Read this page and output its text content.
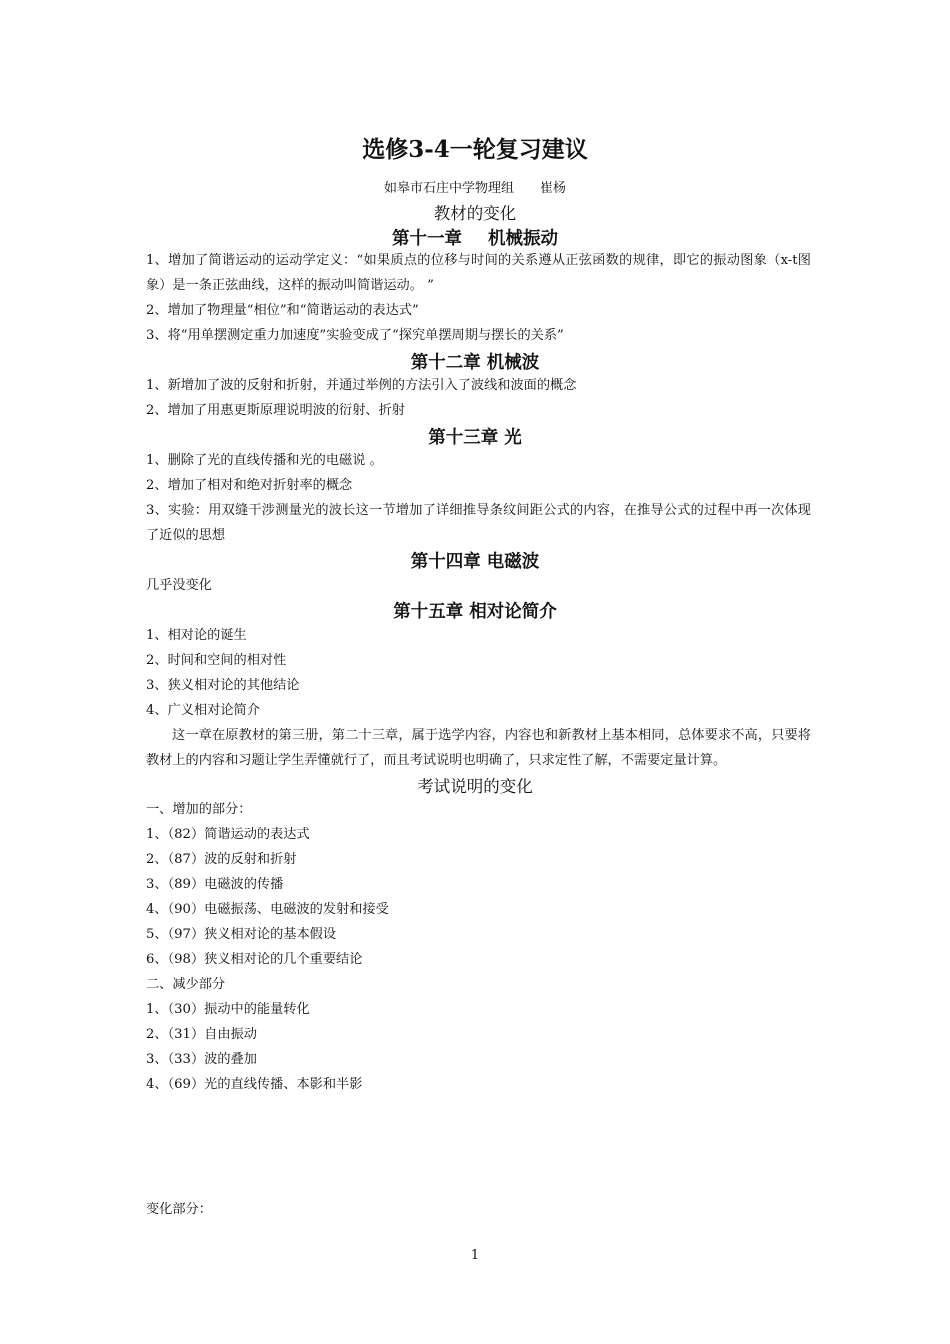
选修3-4一轮复习建议
如皋市石庄中学物理组 崔杨
教材的变化
第十一章 机械振动
1、增加了简谐运动的运动学定义：“如果质点的位移与时间的关系遵从正弦函数的规律，即它的振动图象（x-t图象）是一条正弦曲线，这样的振动叫简谐运动。 ”
2、增加了物理量“相位”和“简谐运动的表达式”
3、将“用单摆测定重力加速度”实验变成了“探究单摆周期与摆长的关系”
第十二章 机械波
1、新增加了波的反射和折射，并通过举例的方法引入了波线和波面的概念
2、增加了用惠更斯原理说明波的衍射、折射
第十三章 光
1、删除了光的直线传播和光的电磁说 。
2、增加了相对和绝对折射率的概念
3、实验：用双缝干涉测量光的波长这一节增加了详细推导条纹间距公式的内容，在推导公式的过程中再一次体现了近似的思想
第十四章 电磁波
几乎没变化
第十五章 相对论简介
1、相对论的诞生
2、时间和空间的相对性
3、狭义相对论的其他结论
4、广义相对论简介
这一章在原教材的第三册，第二十三章，属于选学内容，内容也和新教材上基本相同，总体要求不高，只要将教材上的内容和习题让学生弄懂就行了，而且考试说明也明确了，只求定性了解，不需要定量计算。
考试说明的变化
一、增加的部分：
1、（82）简谐运动的表达式
2、（87）波的反射和折射
3、（89）电磁波的传播
4、（90）电磁振荡、电磁波的发射和接受
5、（97）狭义相对论的基本假设
6、（98）狭义相对论的几个重要结论
二、减少部分
1、（30）振动中的能量转化
2、（31）自由振动
3、（33）波的叠加
4、（69）光的直线传播、本影和半影
变化部分：
1
